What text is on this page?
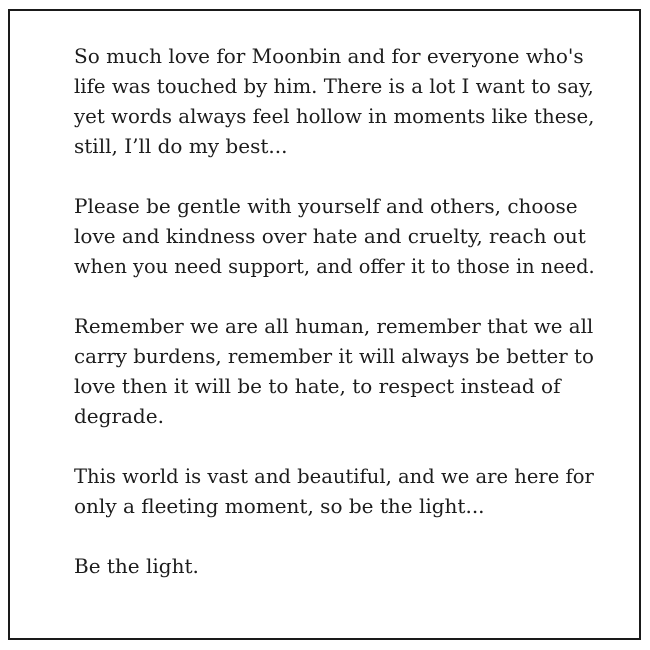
So much love for Moonbin and for everyone who's
life was touched by him. There is a lot I want to say,
yet words always feel hollow in moments like these,
still, I’ll do my best...

Please be gentle with yourself and others, choose
love and kindness over hate and cruelty, reach out
when you need support, and offer it to those in need.

Remember we are all human, remember that we all
carry burdens, remember it will always be better to
love then it will be to hate, to respect instead of
degrade.

This world is vast and beautiful, and we are here for
only a fleeting moment, so be the light...

Be the light.
